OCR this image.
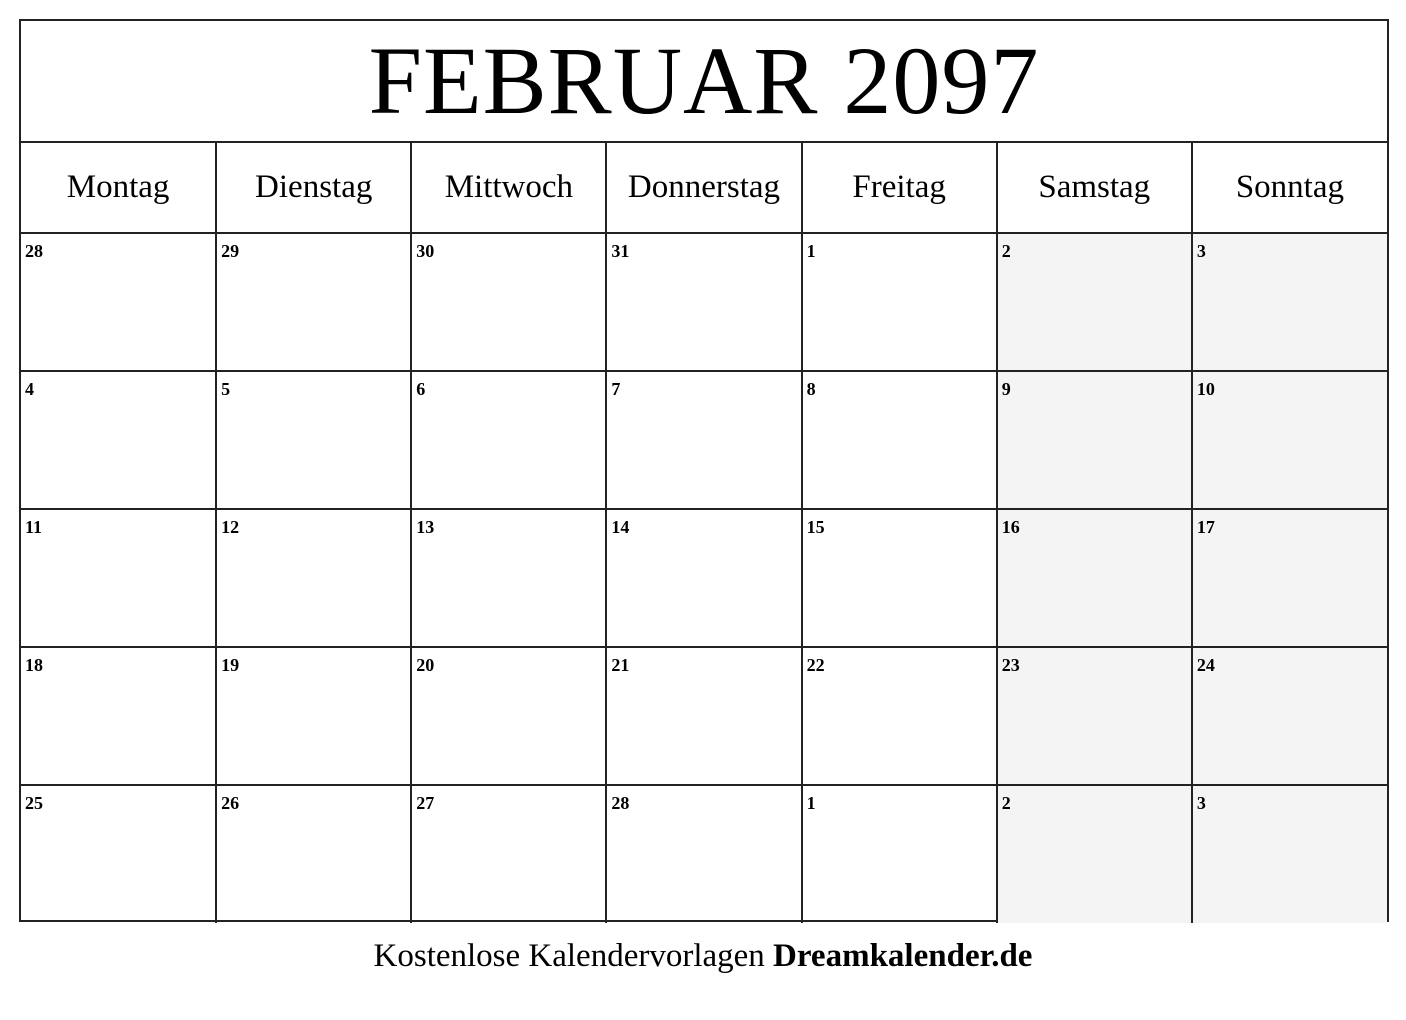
FEBRUAR 2097
Montag	Dienstag	Mittwoch	Donnerstag	Freitag	Samstag	Sonntag

28	29	30	31	1	2	3

4	5	6	7	8	9	10

11	12	13	14	15	16	17

18	19	20	21	22	23	24

25	26	27	28	1	2	3
Kostenlose Kalendervorlagen Dreamkalender.de
